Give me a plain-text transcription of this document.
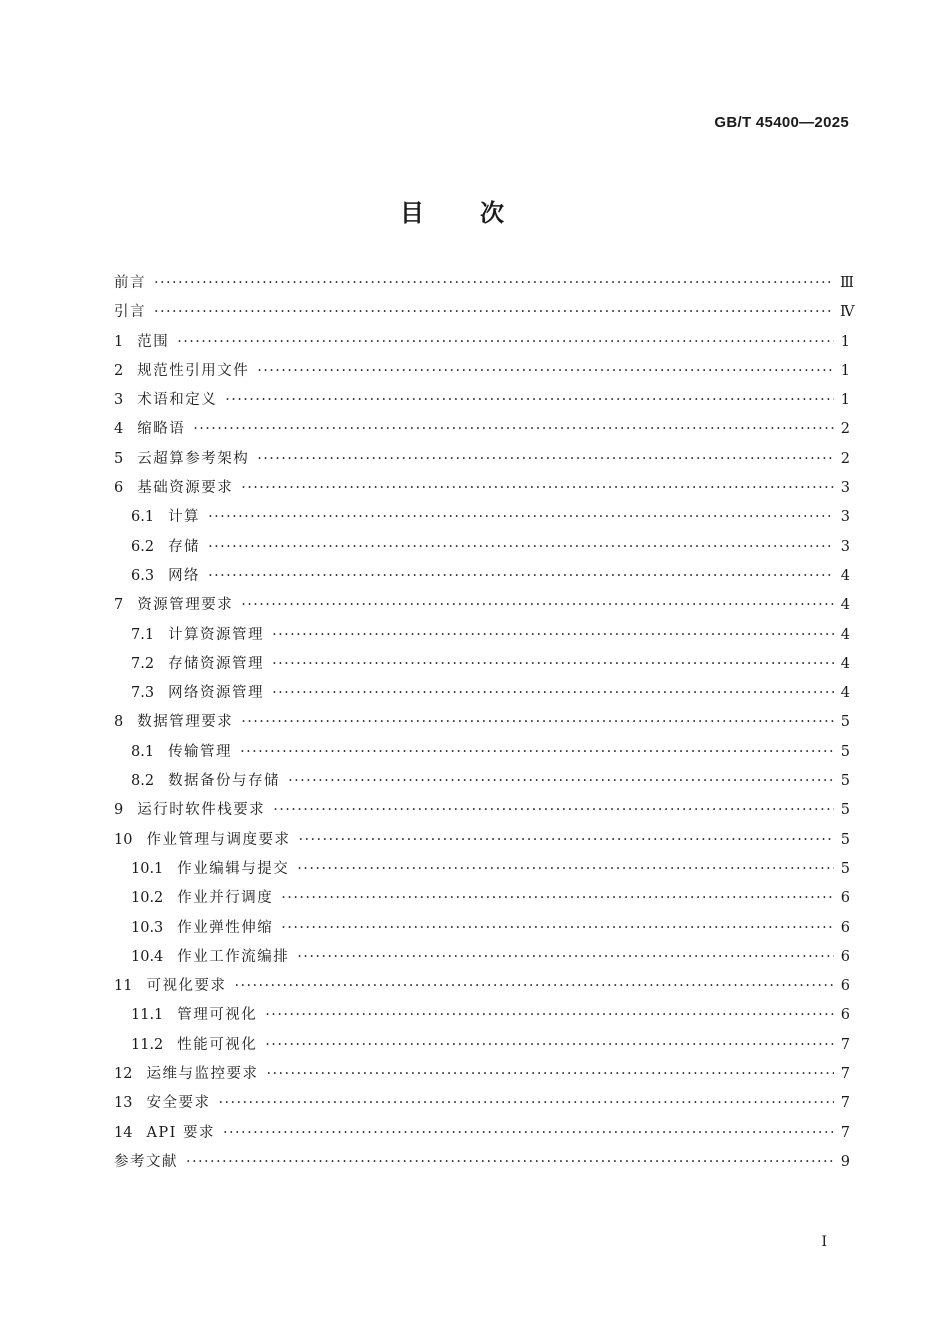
GB/T 45400—2025
目次
前言 ·····	Ⅲ
引言 ·····	Ⅳ
1 范围 ·····	1
2 规范性引用文件 ·····	1
3 术语和定义 ·····	1
4 缩略语 ·····	2
5 云超算参考架构 ·····	2
6 基础资源要求 ·····	3
6.1 计算 ·····	3
6.2 存储 ·····	3
6.3 网络 ·····	4
7 资源管理要求 ·····	4
7.1 计算资源管理 ·····	4
7.2 存储资源管理 ·····	4
7.3 网络资源管理 ·····	4
8 数据管理要求 ·····	5
8.1 传输管理 ·····	5
8.2 数据备份与存储 ·····	5
9 运行时软件栈要求 ·····	5
10 作业管理与调度要求 ·····	5
10.1 作业编辑与提交 ·····	5
10.2 作业并行调度 ·····	6
10.3 作业弹性伸缩 ·····	6
10.4 作业工作流编排 ·····	6
11 可视化要求 ·····	6
11.1 管理可视化 ·····	6
11.2 性能可视化 ·····	7
12 运维与监控要求 ·····	7
13 安全要求 ·····	7
14 API 要求 ·····	7
参考文献 ·····	9
I
